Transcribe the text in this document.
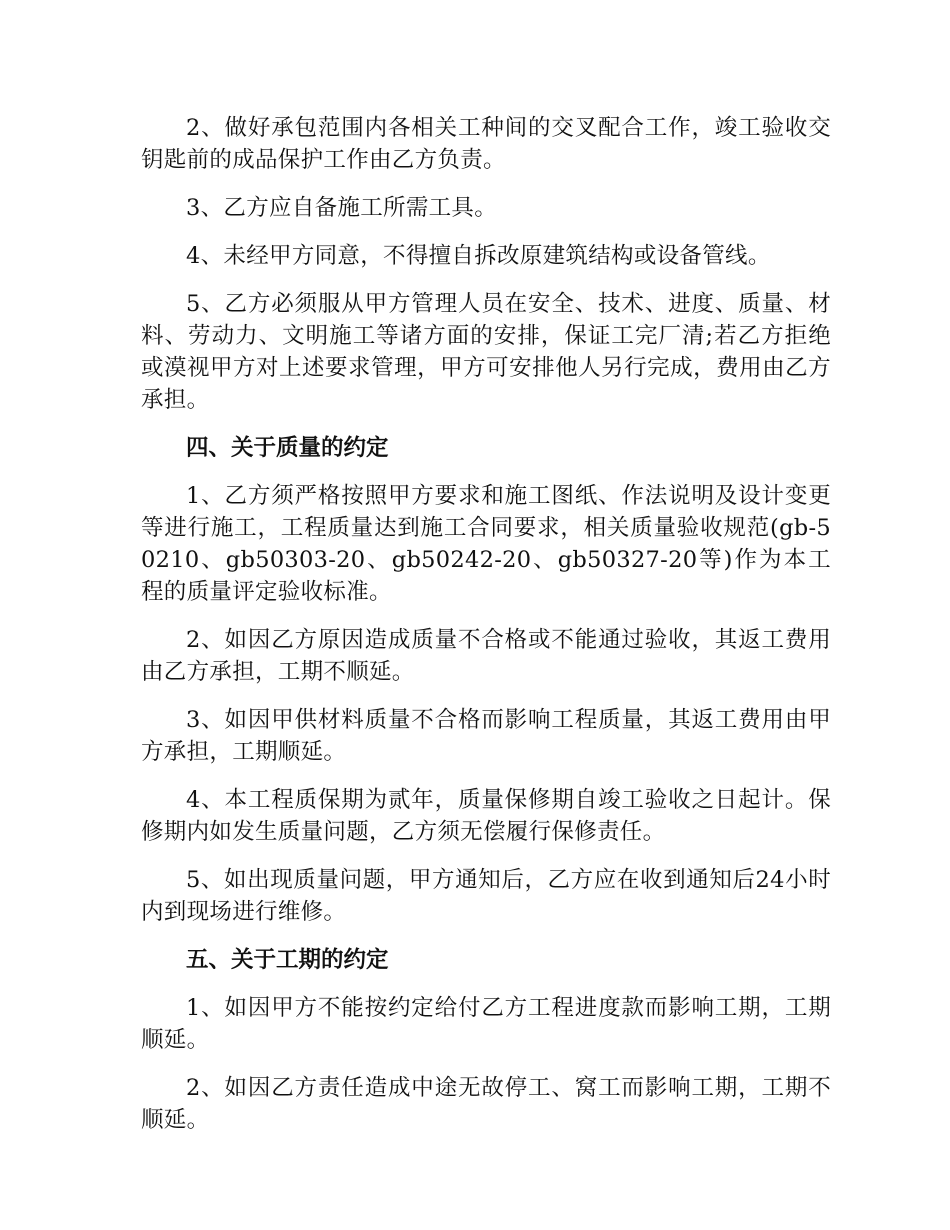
2、做好承包范围内各相关工种间的交叉配合工作，竣工验收交钥匙前的成品保护工作由乙方负责。

3、乙方应自备施工所需工具。

4、未经甲方同意，不得擅自拆改原建筑结构或设备管线。

5、乙方必须服从甲方管理人员在安全、技术、进度、质量、材料、劳动力、文明施工等诸方面的安排，保证工完厂清;若乙方拒绝或漠视甲方对上述要求管理，甲方可安排他人另行完成，费用由乙方承担。

四、关于质量的约定

1、乙方须严格按照甲方要求和施工图纸、作法说明及设计变更等进行施工，工程质量达到施工合同要求，相关质量验收规范(gb-50210、gb50303-20、gb50242-20、gb50327-20等)作为本工程的质量评定验收标准。

2、如因乙方原因造成质量不合格或不能通过验收，其返工费用由乙方承担，工期不顺延。

3、如因甲供材料质量不合格而影响工程质量，其返工费用由甲方承担，工期顺延。

4、本工程质保期为贰年，质量保修期自竣工验收之日起计。保修期内如发生质量问题，乙方须无偿履行保修责任。

5、如出现质量问题，甲方通知后，乙方应在收到通知后24小时内到现场进行维修。

五、关于工期的约定

1、如因甲方不能按约定给付乙方工程进度款而影响工期，工期顺延。

2、如因乙方责任造成中途无故停工、窝工而影响工期，工期不顺延。
